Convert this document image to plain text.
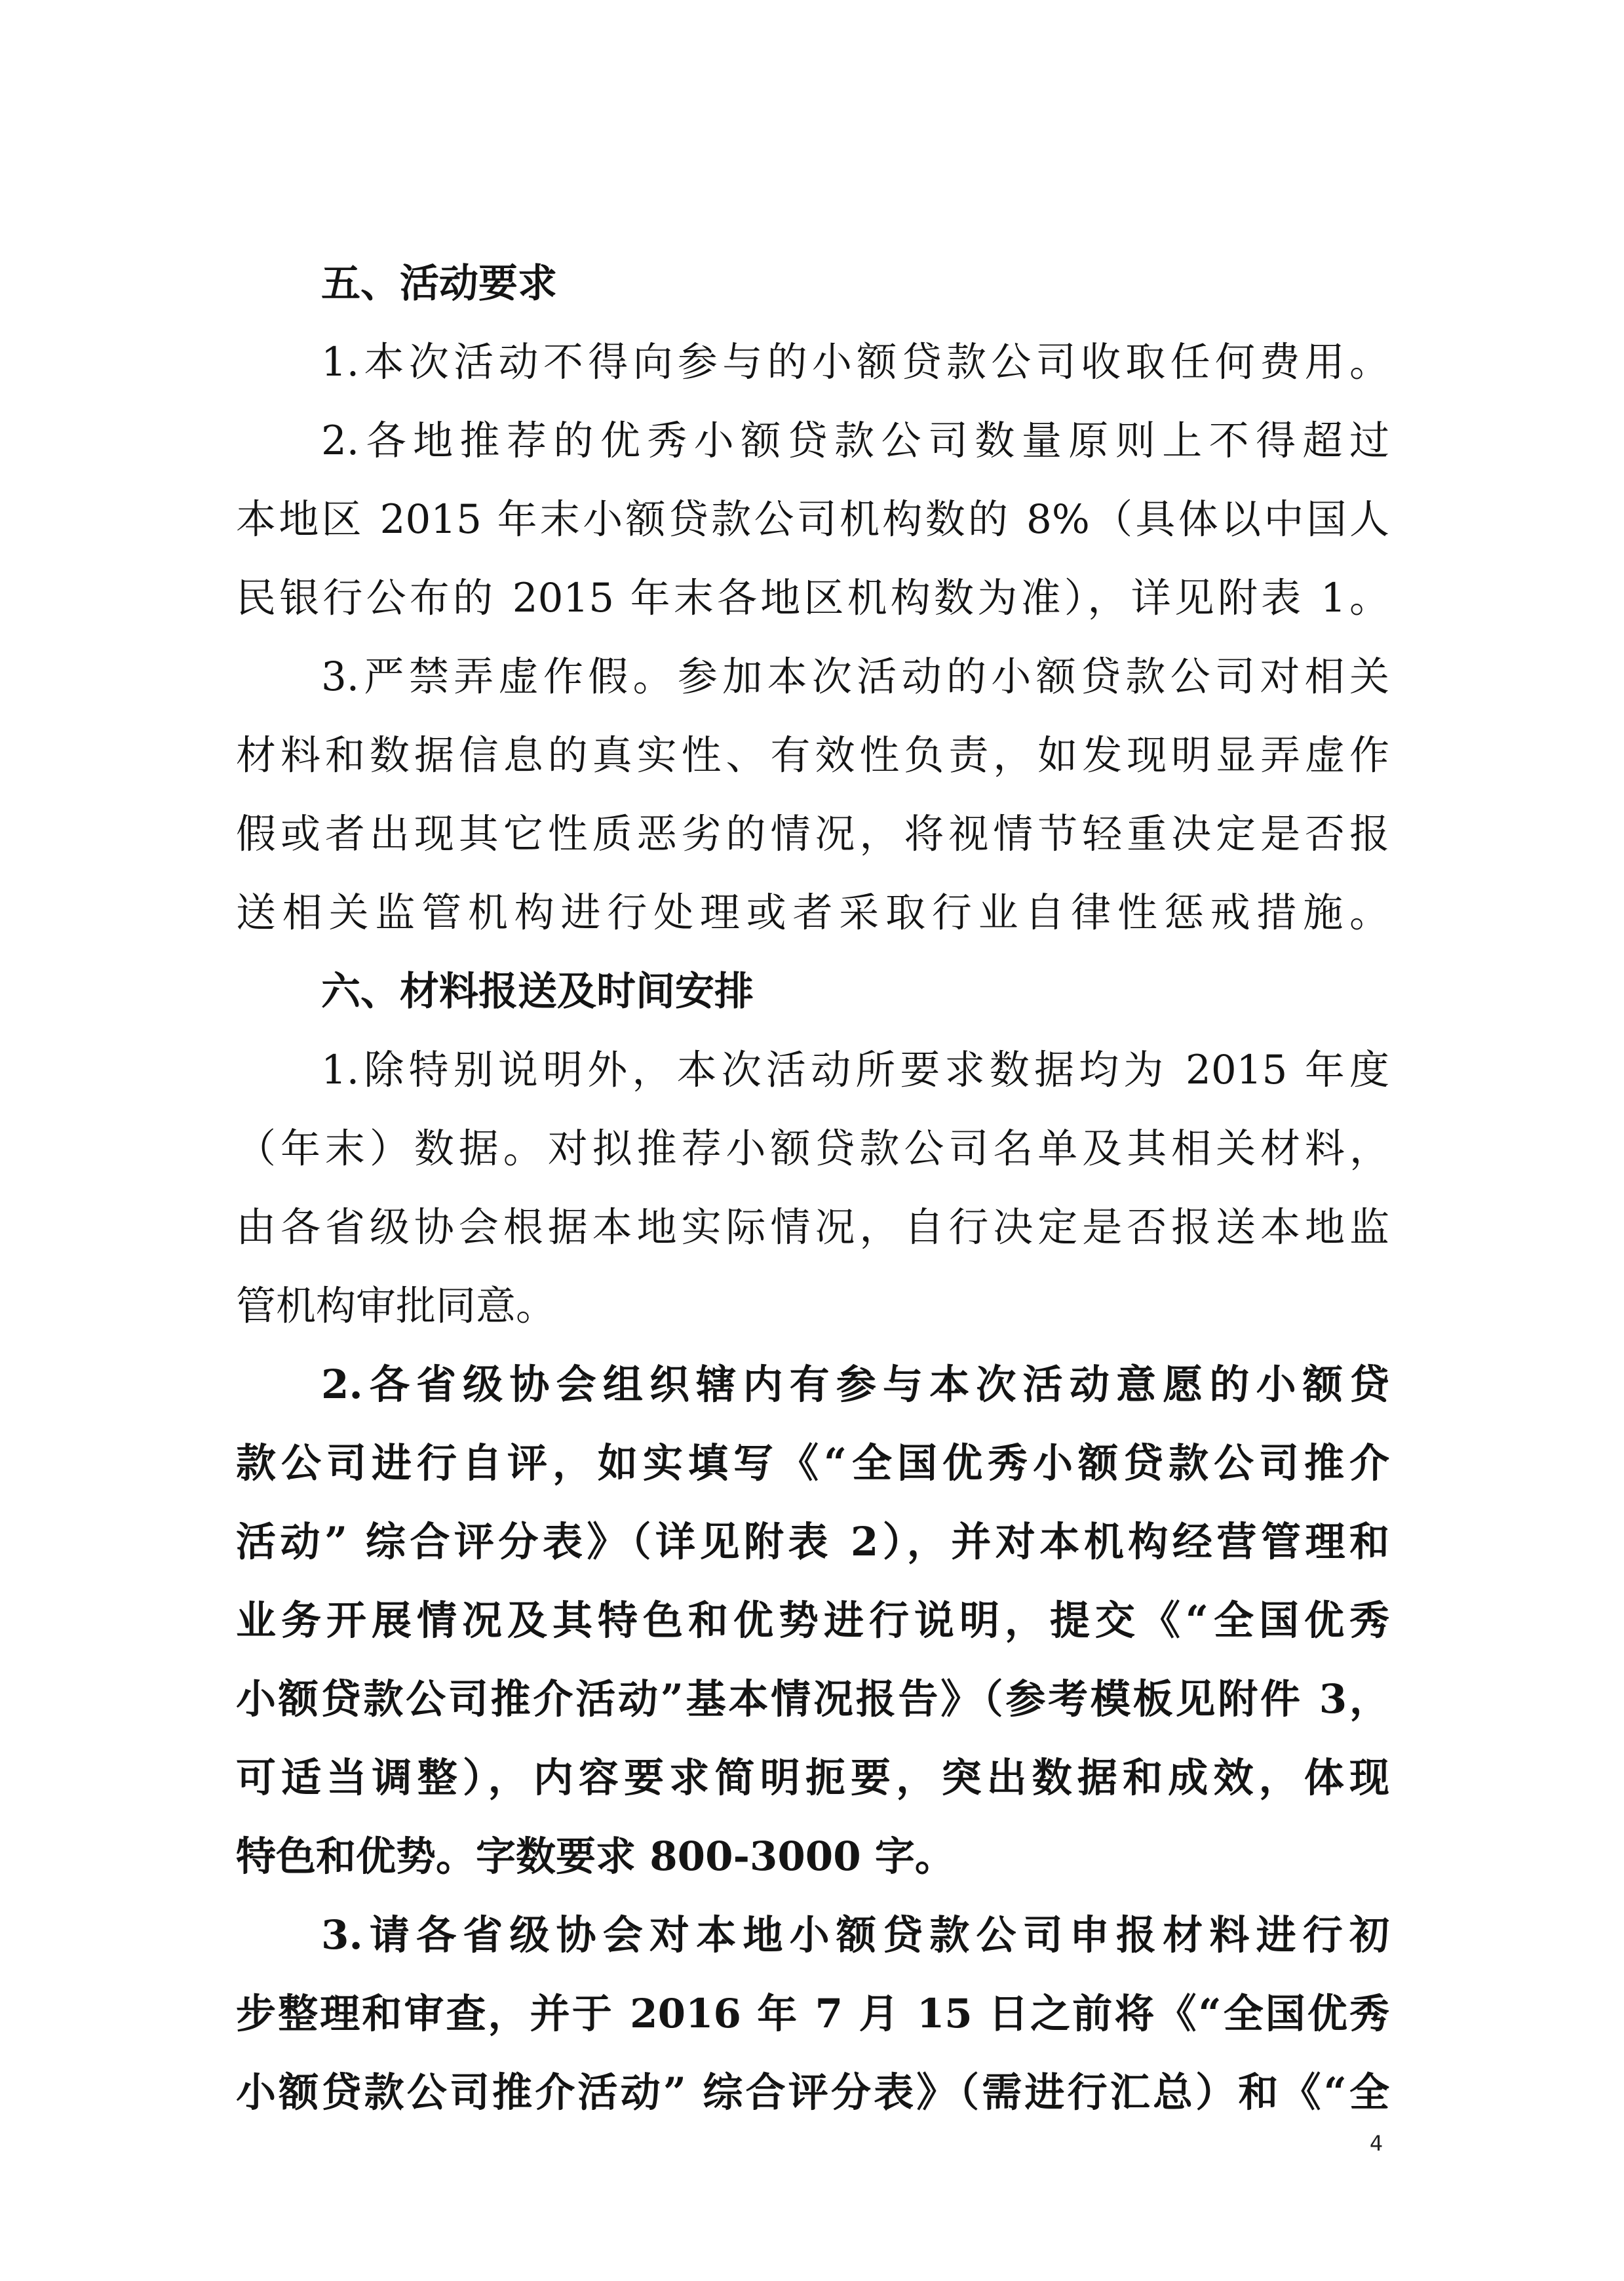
五、活动要求
1.本次活动不得向参与的小额贷款公司收取任何费用。
2.各地推荐的优秀小额贷款公司数量原则上不得超过
本地区 2015 年末小额贷款公司机构数的 8%（具体以中国人
民银行公布的 2015 年末各地区机构数为准），详见附表 1。
3.严禁弄虚作假。参加本次活动的小额贷款公司对相关
材料和数据信息的真实性、有效性负责，如发现明显弄虚作
假或者出现其它性质恶劣的情况，将视情节轻重决定是否报
送相关监管机构进行处理或者采取行业自律性惩戒措施。
六、材料报送及时间安排
1.除特别说明外，本次活动所要求数据均为 2015 年度
（年末）数据。对拟推荐小额贷款公司名单及其相关材料，
由各省级协会根据本地实际情况，自行决定是否报送本地监
管机构审批同意。
2.各省级协会组织辖内有参与本次活动意愿的小额贷
款公司进行自评，如实填写《“全国优秀小额贷款公司推介
活动” 综合评分表》（详见附表 2），并对本机构经营管理和
业务开展情况及其特色和优势进行说明，提交《“全国优秀
小额贷款公司推介活动”基本情况报告》（参考模板见附件 3，
可适当调整），内容要求简明扼要，突出数据和成效，体现
特色和优势。字数要求 800-3000 字。
3.请各省级协会对本地小额贷款公司申报材料进行初
步整理和审查，并于 2016 年 7 月 15 日之前将《“全国优秀
小额贷款公司推介活动” 综合评分表》（需进行汇总）和《“全
4
